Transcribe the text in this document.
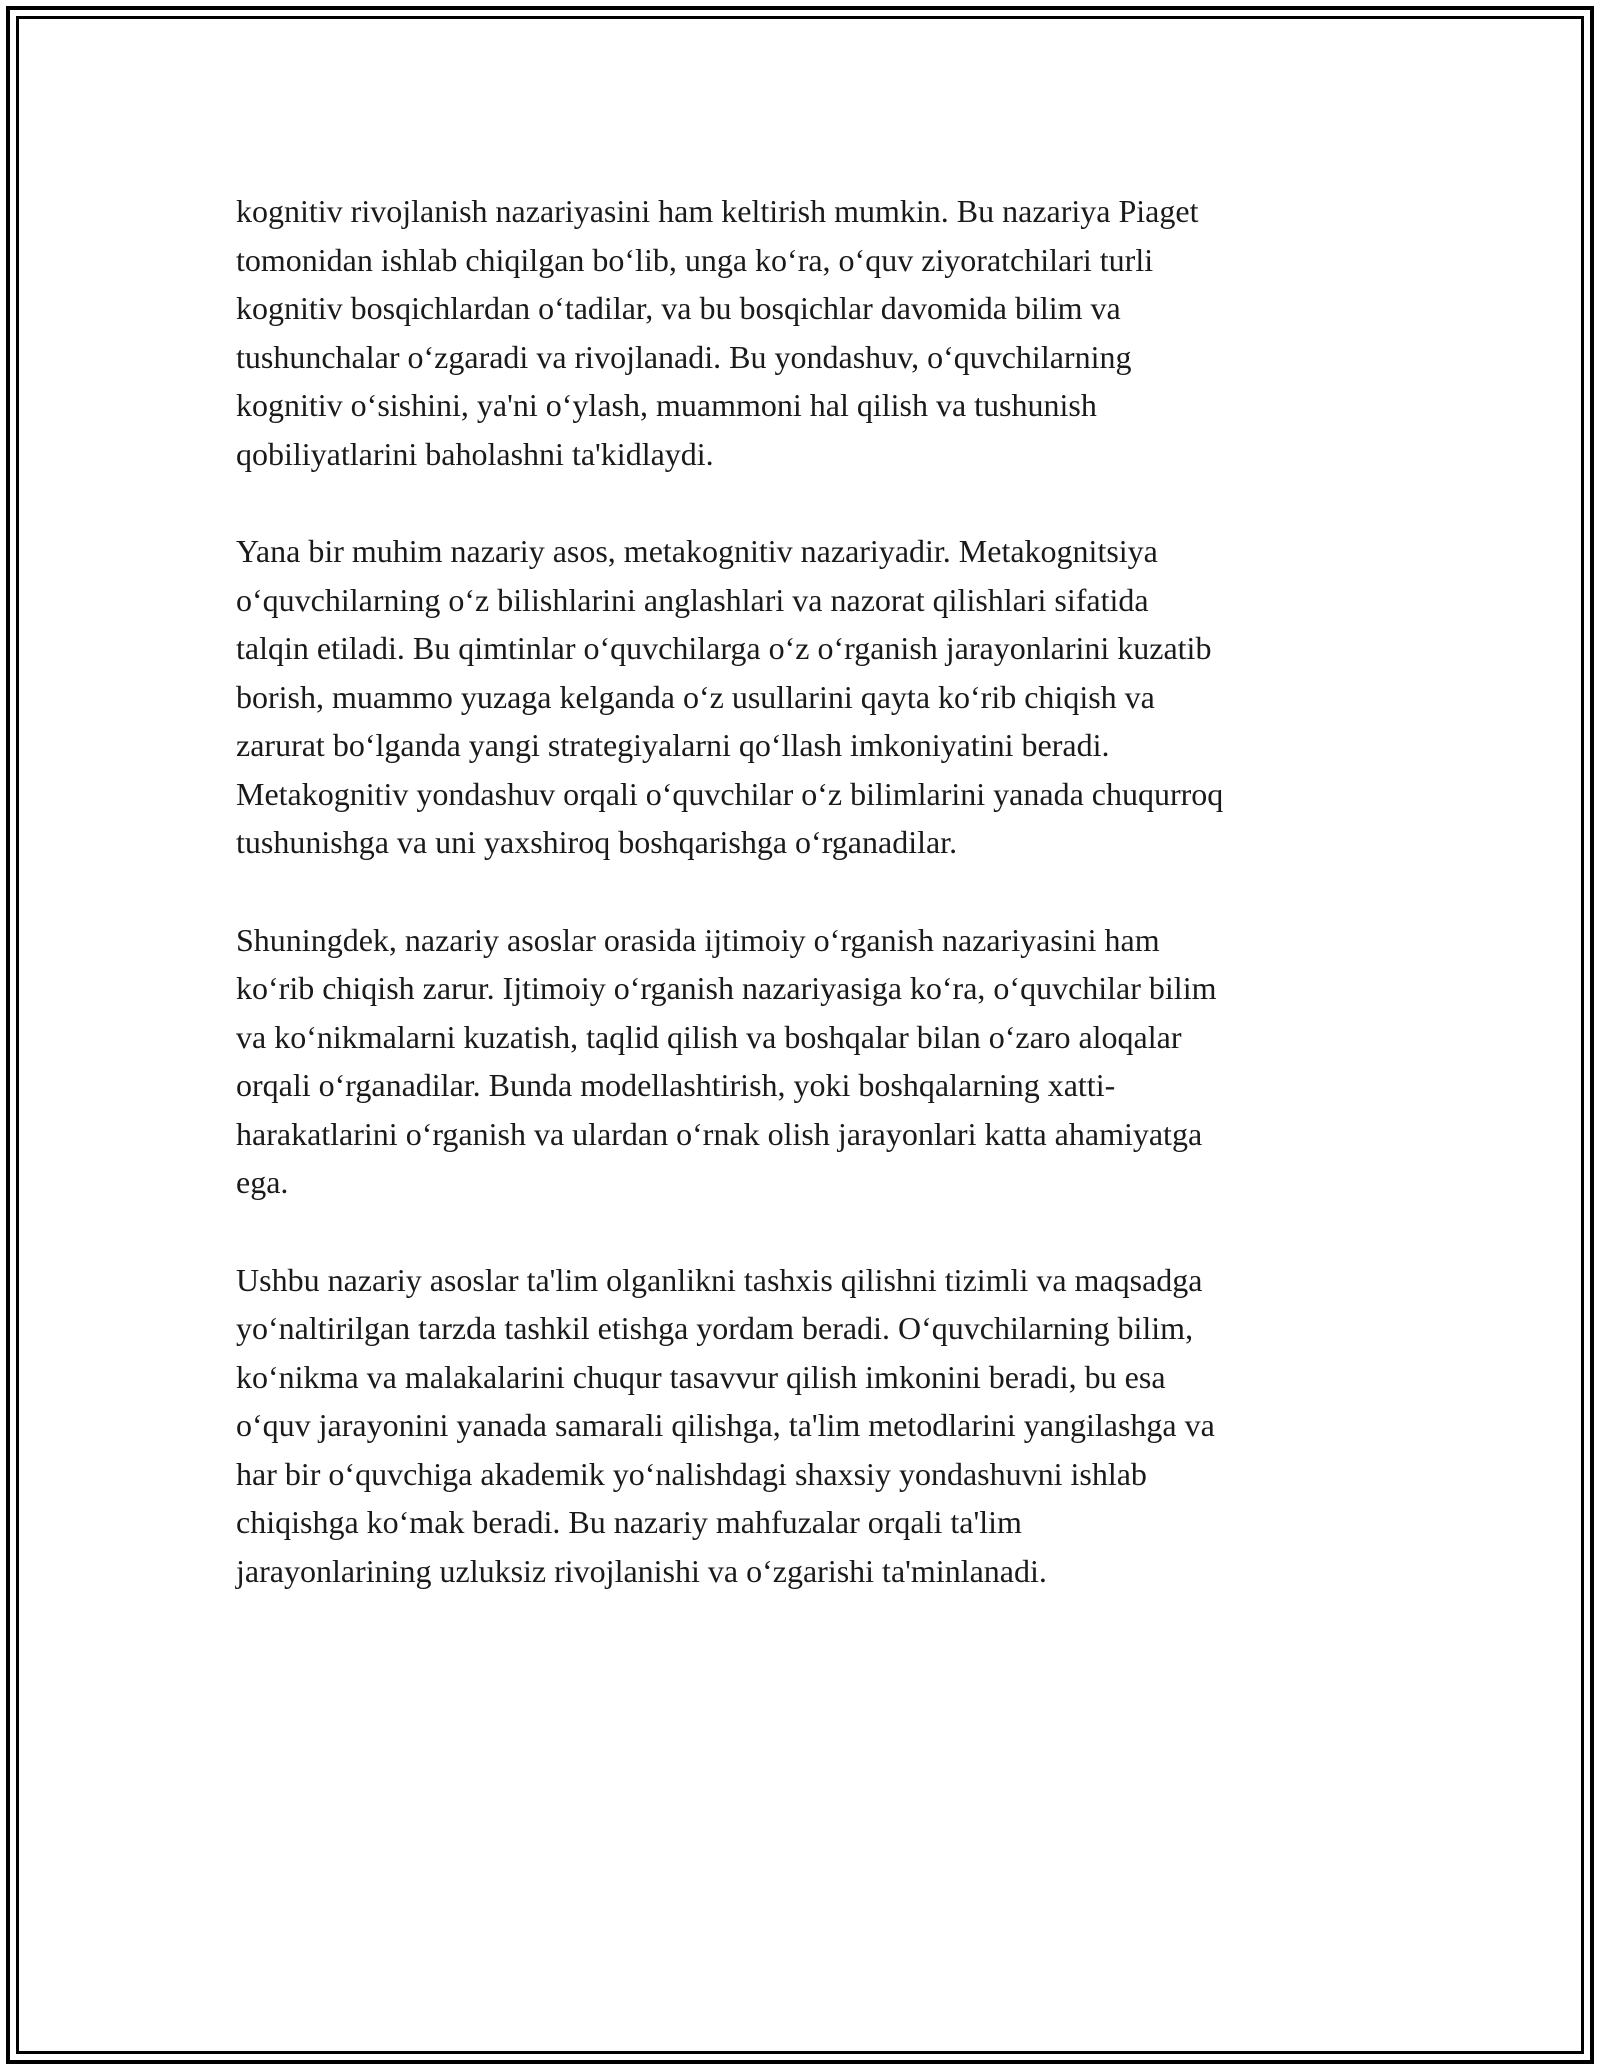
kognitiv rivojlanish nazariyasini ham keltirish mumkin. Bu nazariya Piaget
tomonidan ishlab chiqilgan boʻlib, unga koʻra, oʻquv ziyoratchilari turli
kognitiv bosqichlardan oʻtadilar, va bu bosqichlar davomida bilim va
tushunchalar oʻzgaradi va rivojlanadi. Bu yondashuv, oʻquvchilarning
kognitiv oʻsishini, ya'ni oʻylash, muammoni hal qilish va tushunish
qobiliyatlarini baholashni ta'kidlaydi.

Yana bir muhim nazariy asos, metakognitiv nazariyadir. Metakognitsiya
oʻquvchilarning oʻz bilishlarini anglashlari va nazorat qilishlari sifatida
talqin etiladi. Bu qimtinlar oʻquvchilarga oʻz oʻrganish jarayonlarini kuzatib
borish, muammo yuzaga kelganda oʻz usullarini qayta koʻrib chiqish va
zarurat boʻlganda yangi strategiyalarni qoʻllash imkoniyatini beradi.
Metakognitiv yondashuv orqali oʻquvchilar oʻz bilimlarini yanada chuqurroq
tushunishga va uni yaxshiroq boshqarishga oʻrganadilar.

Shuningdek, nazariy asoslar orasida ijtimoiy oʻrganish nazariyasini ham
koʻrib chiqish zarur. Ijtimoiy oʻrganish nazariyasiga koʻra, oʻquvchilar bilim
va koʻnikmalarni kuzatish, taqlid qilish va boshqalar bilan oʻzaro aloqalar
orqali oʻrganadilar. Bunda modellashtirish, yoki boshqalarning xatti-
harakatlarini oʻrganish va ulardan oʻrnak olish jarayonlari katta ahamiyatga
ega.

Ushbu nazariy asoslar ta'lim olganlikni tashxis qilishni tizimli va maqsadga
yoʻnaltirilgan tarzda tashkil etishga yordam beradi. Oʻquvchilarning bilim,
koʻnikma va malakalarini chuqur tasavvur qilish imkonini beradi, bu esa
oʻquv jarayonini yanada samarali qilishga, ta'lim metodlarini yangilashga va
har bir oʻquvchiga akademik yoʻnalishdagi shaxsiy yondashuvni ishlab
chiqishga koʻmak beradi. Bu nazariy mahfuzalar orqali ta'lim
jarayonlarining uzluksiz rivojlanishi va oʻzgarishi ta'minlanadi.
